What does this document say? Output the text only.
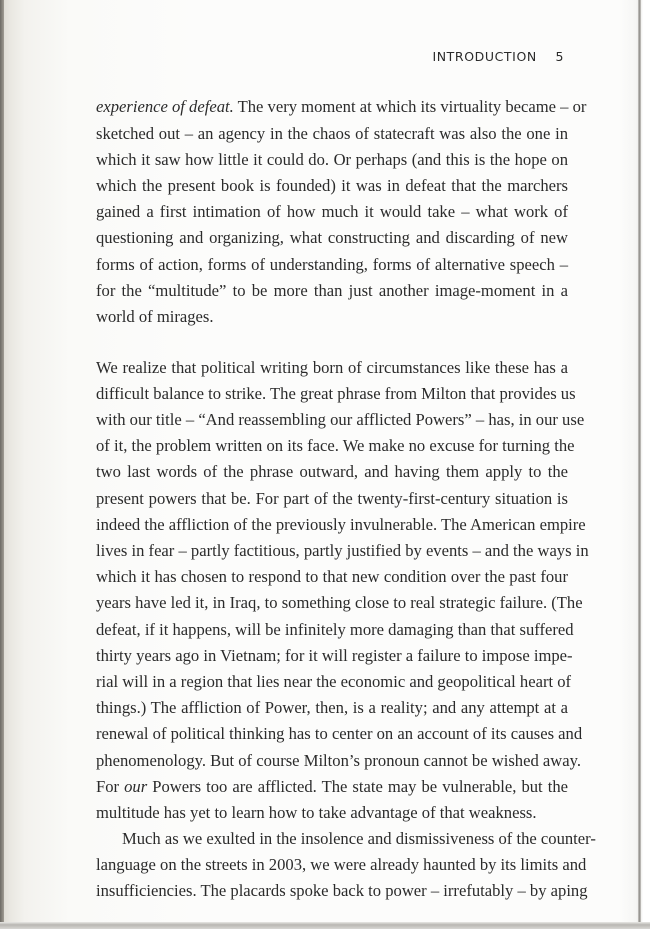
INTRODUCTION 5
experience of defeat. The very moment at which its virtuality became – or
sketched out – an agency in the chaos of statecraft was also the one in
which it saw how little it could do. Or perhaps (and this is the hope on
which the present book is founded) it was in defeat that the marchers
gained a first intimation of how much it would take – what work of
questioning and organizing, what constructing and discarding of new
forms of action, forms of understanding, forms of alternative speech –
for the “multitude” to be more than just another image-moment in a
world of mirages.
We realize that political writing born of circumstances like these has a
difficult balance to strike. The great phrase from Milton that provides us
with our title – “And reassembling our afflicted Powers” – has, in our use
of it, the problem written on its face. We make no excuse for turning the
two last words of the phrase outward, and having them apply to the
present powers that be. For part of the twenty-first-century situation is
indeed the affliction of the previously invulnerable. The American empire
lives in fear – partly factitious, partly justified by events – and the ways in
which it has chosen to respond to that new condition over the past four
years have led it, in Iraq, to something close to real strategic failure. (The
defeat, if it happens, will be infinitely more damaging than that suffered
thirty years ago in Vietnam; for it will register a failure to impose impe-
rial will in a region that lies near the economic and geopolitical heart of
things.) The affliction of Power, then, is a reality; and any attempt at a
renewal of political thinking has to center on an account of its causes and
phenomenology. But of course Milton’s pronoun cannot be wished away.
For our Powers too are afflicted. The state may be vulnerable, but the
multitude has yet to learn how to take advantage of that weakness.
Much as we exulted in the insolence and dismissiveness of the counter-
language on the streets in 2003, we were already haunted by its limits and
insufficiencies. The placards spoke back to power – irrefutably – by aping
